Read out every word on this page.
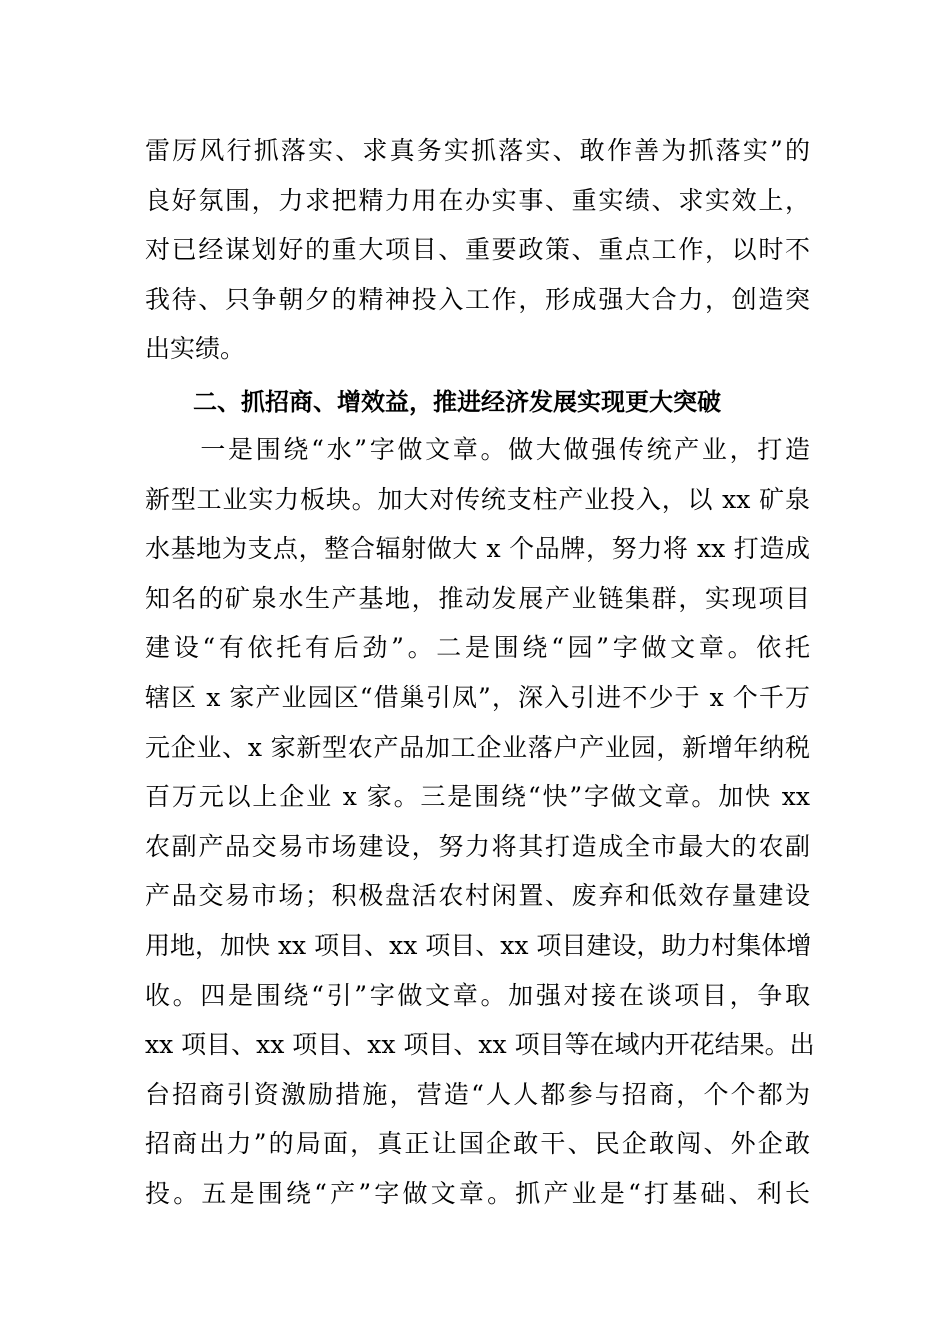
雷厉风行抓落实、求真务实抓落实、敢作善为抓落实”的
良好氛围，力求把精力用在办实事、重实绩、求实效上，
对已经谋划好的重大项目、重要政策、重点工作，以时不
我待、只争朝夕的精神投入工作，形成强大合力，创造突
出实绩。
二、抓招商、增效益，推进经济发展实现更大突破
　　一是围绕“水”字做文章。做大做强传统产业，打造
新型工业实力板块。加大对传统支柱产业投入，以 xx 矿泉
水基地为支点，整合辐射做大 x 个品牌，努力将 xx 打造成
知名的矿泉水生产基地，推动发展产业链集群，实现项目
建设“有依托有后劲”。二是围绕“园”字做文章。依托
辖区 x 家产业园区“借巢引凤”，深入引进不少于 x 个千万
元企业、x 家新型农产品加工企业落户产业园，新增年纳税
百万元以上企业 x 家。三是围绕“快”字做文章。加快 xx
农副产品交易市场建设，努力将其打造成全市最大的农副
产品交易市场；积极盘活农村闲置、废弃和低效存量建设
用地，加快 xx 项目、xx 项目、xx 项目建设，助力村集体增
收。四是围绕“引”字做文章。加强对接在谈项目，争取
xx 项目、xx 项目、xx 项目、xx 项目等在域内开花结果。出
台招商引资激励措施，营造“人人都参与招商，个个都为
招商出力”的局面，真正让国企敢干、民企敢闯、外企敢
投。五是围绕“产”字做文章。抓产业是“打基础、利长
